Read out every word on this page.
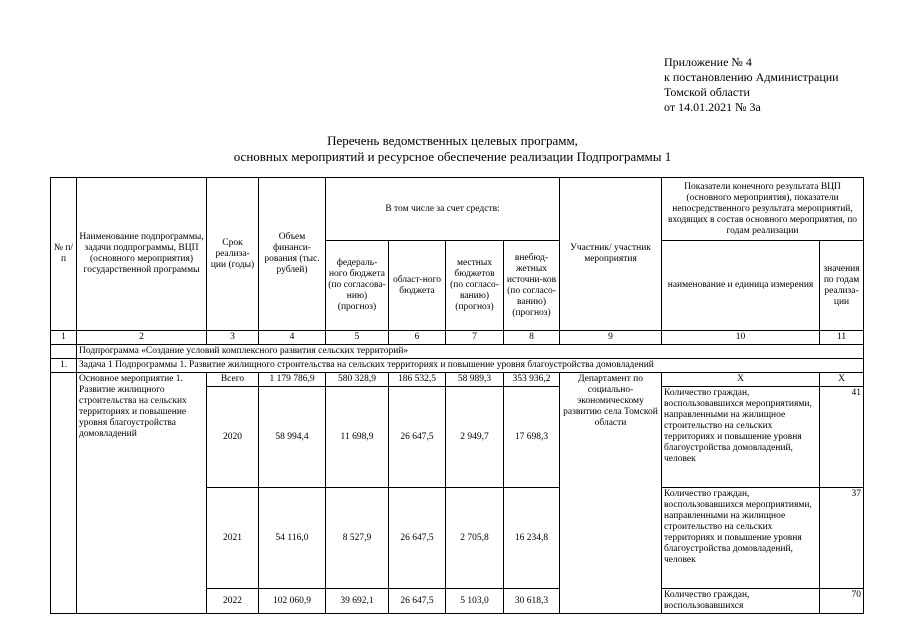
Приложение № 4
к постановлению Администрации
Томской области
от 14.01.2021 № 3а
Перечень ведомственных целевых программ,
основных мероприятий и ресурсное обеспечение реализации Подпрограммы 1
№ п/п	Наименование подпрограммы, задачи подпрограммы, ВЦП (основного мероприятия) государственной программы	Срок реализа-ции (годы)	Объем финанси-рования (тыс. рублей)	В том числе за счет средств:				Участник/ участник мероприятия	Показатели конечного результата ВЦП (основного мероприятия), показатели непосредственного результата мероприятий, входящих в состав основного мероприятия, по годам реализации	
				федераль-ного бюджета (по согласова-нию) (прогноз)	област-ного бюджета	местных бюджетов (по согласо-ванию) (прогноз)	внебюд-жетных источни-ков (по согласо-ванию) (прогноз)		наименование и единица измерения	значения по годам реализа-ции
1	2	3	4	5	6	7	8	9	10	11
	Подпрограмма «Создание условий комплексного развития сельских территорий»									
1.	Задача 1 Подпрограммы 1. Развитие жилищного строительства на сельских территориях и повышение уровня благоустройства домовладений									
	Основное мероприятие 1. Развитие жилищного строительства на сельских территориях и повышение уровня благоустройства домовладений	Всего	1 179 786,9	580 328,9	186 532,5	58 989,3	353 936,2	Департамент по социально-экономическому развитию села Томской области	Х	Х
		2020	58 994,4	11 698,9	26 647,5	2 949,7	17 698,3		Количество граждан, воспользовавшихся мероприятиями, направленными на жилищное строительство на сельских территориях и повышение уровня благоустройства домовладений, человек	41
		2021	54 116,0	8 527,9	26 647,5	2 705,8	16 234,8		Количество граждан, воспользовавшихся мероприятиями, направленными на жилищное строительство на сельских территориях и повышение уровня благоустройства домовладений, человек	37
		2022	102 060,9	39 692,1	26 647,5	5 103,0	30 618,3		Количество граждан, воспользовавшихся	70
